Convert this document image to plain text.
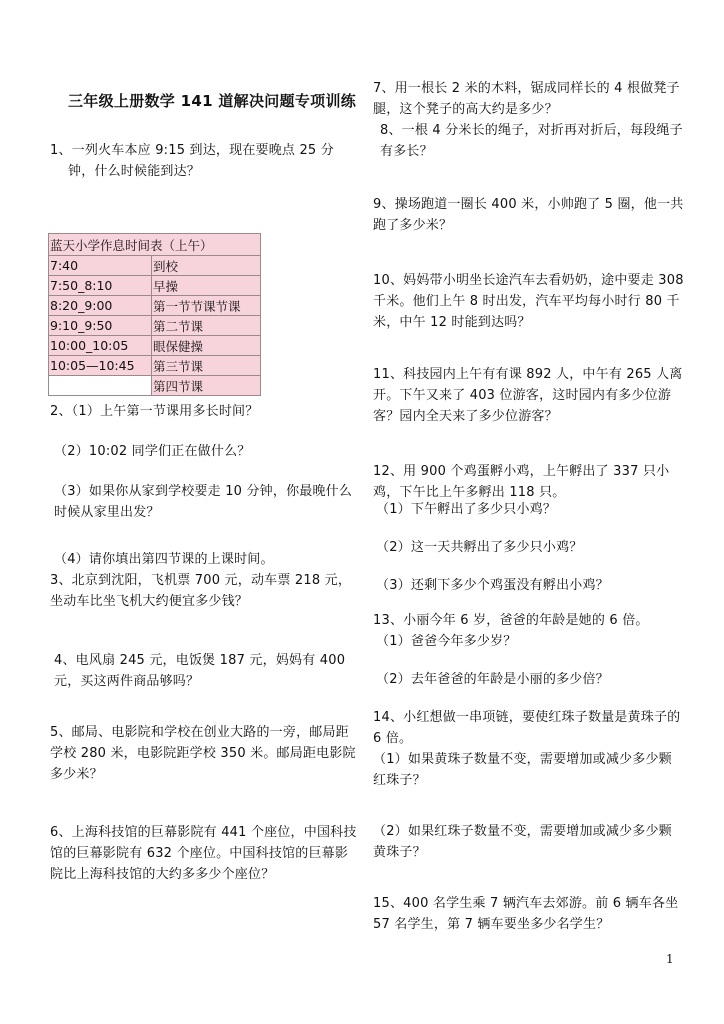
三年级上册数学 141 道解决问题专项训练
1、一列火车本应 9:15 到达，现在要晚点 25 分
钟，什么时候能到达？
蓝天小学作息时间表（上午）	
7:40	到校
7:50_8:10	早操
8:20_9:00	第一节节课节课
9:10_9:50	第二节课
10:00_10:05	眼保健操
10:05—10:45	第三节课
	第四节课
2、（1）上午第一节课用多长时间？
（2）10:02 同学们正在做什么？
（3）如果你从家到学校要走 10 分钟，你最晚什么时候从家里出发？
（4）请你填出第四节课的上课时间。
3、北京到沈阳，飞机票 700 元，动车票 218 元，坐动车比坐飞机大约便宜多少钱？
4、电风扇 245 元，电饭煲 187 元，妈妈有 400 元，买这两件商品够吗？
5、邮局、电影院和学校在创业大路的一旁，邮局距学校 280 米，电影院距学校 350 米。邮局距电影院多少米？
6、上海科技馆的巨幕影院有 441 个座位，中国科技馆的巨幕影院有 632 个座位。中国科技馆的巨幕影院比上海科技馆的大约多多少个座位？
7、用一根长 2 米的木料，锯成同样长的 4 根做凳子腿，这个凳子的高大约是多少？
8、一根 4 分米长的绳子，对折再对折后，每段绳子有多长？
9、操场跑道一圈长 400 米，小帅跑了 5 圈，他一共跑了多少米？
10、妈妈带小明坐长途汽车去看奶奶，途中要走 308 千米。他们上午 8 时出发，汽车平均每小时行 80 千米，中午 12 时能到达吗？
11、科技园内上午有有课 892 人，中午有 265 人离开。下午又来了 403 位游客，这时园内有多少位游客？园内全天来了多少位游客？
12、用 900 个鸡蛋孵小鸡，上午孵出了 337 只小鸡，下午比上午多孵出 118 只。
（1）下午孵出了多少只小鸡？
（2）这一天共孵出了多少只小鸡？
（3）还剩下多少个鸡蛋没有孵出小鸡？
13、小丽今年 6 岁，爸爸的年龄是她的 6 倍。
（1）爸爸今年多少岁？
（2）去年爸爸的年龄是小丽的多少倍？
14、小红想做一串项链，要使红珠子数量是黄珠子的 6 倍。
（1）如果黄珠子数量不变，需要增加或减少多少颗红珠子？
（2）如果红珠子数量不变，需要增加或减少多少颗黄珠子？
15、400 名学生乘 7 辆汽车去郊游。前 6 辆车各坐 57 名学生，第 7 辆车要坐多少名学生？
1
